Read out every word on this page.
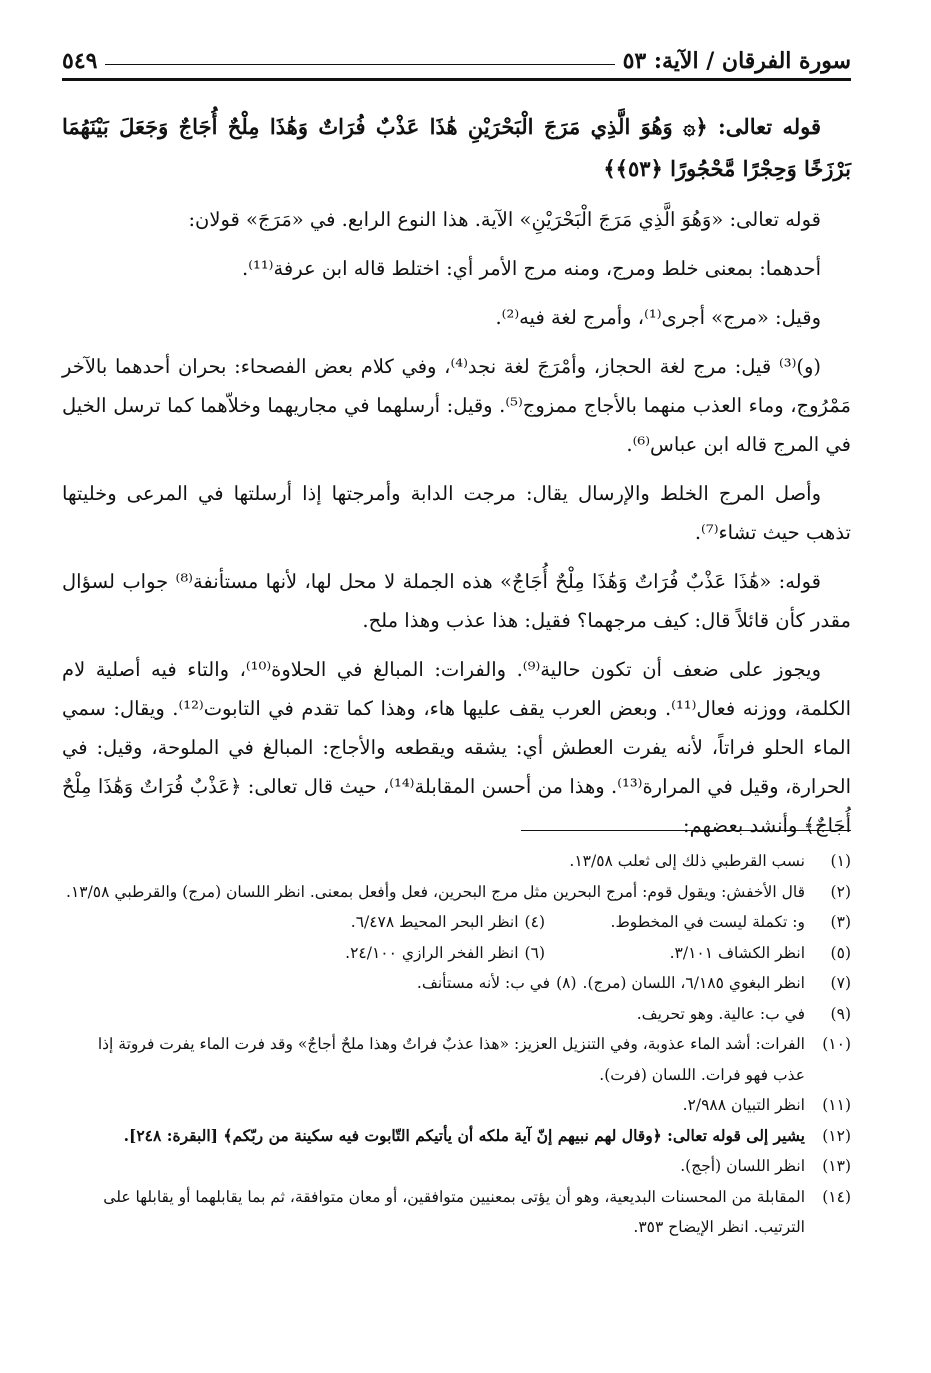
سورة الفرقان / الآية: ٥٣
٥٤٩

قوله تعالى: ﴿۞ وَهُوَ الَّذِي مَرَجَ الْبَحْرَيْنِ هَٰذَا عَذْبٌ فُرَاتٌ وَهَٰذَا مِلْحٌ أُجَاجٌ وَجَعَلَ بَيْنَهُمَا بَرْزَخًا وَحِجْرًا مَّحْجُورًا ﴿٥٣﴾﴾

قوله تعالى: «وَهُوَ الَّذِي مَرَجَ الْبَحْرَيْنِ» الآية. هذا النوع الرابع. في «مَرَجَ» قولان:

أحدهما: بمعنى خلط ومرج، ومنه مرج الأمر أي: اختلط قاله ابن عرفة⁽¹¹⁾.

وقيل: «مرج» أجرى⁽¹⁾، وأمرج لغة فيه⁽²⁾.

(و)⁽³⁾ قيل: مرج لغة الحجاز، وأمْرَجَ لغة نجد⁽⁴⁾، وفي كلام بعض الفصحاء: بحران أحدهما بالآخر مَمْرُوج، وماء العذب منهما بالأجاج ممزوج⁽⁵⁾. وقيل: أرسلهما في مجاريهما وخلاّهما كما ترسل الخيل في المرج قاله ابن عباس⁽⁶⁾.

وأصل المرج الخلط والإرسال يقال: مرجت الدابة وأمرجتها إذا أرسلتها في المرعى وخليتها تذهب حيث تشاء⁽⁷⁾.

قوله: «هَٰذَا عَذْبٌ فُرَاتٌ وَهَٰذَا مِلْحٌ أُجَاجٌ» هذه الجملة لا محل لها، لأنها مستأنفة⁽⁸⁾ جواب لسؤال مقدر كأن قائلاً قال: كيف مرجهما؟ فقيل: هذا عذب وهذا ملح.

ويجوز على ضعف أن تكون حالية⁽⁹⁾. والفرات: المبالغ في الحلاوة⁽¹⁰⁾، والتاء فيه أصلية لام الكلمة، ووزنه فعال⁽¹¹⁾. وبعض العرب يقف عليها هاء، وهذا كما تقدم في التابوت⁽¹²⁾. ويقال: سمي الماء الحلو فراتاً، لأنه يفرت العطش أي: يشقه ويقطعه والأجاج: المبالغ في الملوحة، وقيل: في الحرارة، وقيل في المرارة⁽¹³⁾. وهذا من أحسن المقابلة⁽¹⁴⁾، حيث قال تعالى: ﴿عَذْبٌ فُرَاتٌ وَهَٰذَا مِلْحٌ أُجَاجٌ﴾ وأنشد بعضهم:

(١)
نسب القرطبي ذلك إلى ثعلب ١٣/٥٨.

(٢)
قال الأخفش: ويقول قوم: أمرج البحرين مثل مرج البحرين، فعل وأفعل بمعنى. انظر اللسان (مرج) والقرطبي ١٣/٥٨.

(٣)
و: تكملة ليست في المخطوط.
(٤)
انظر البحر المحيط ٦/٤٧٨.
(٥)
انظر الكشاف ٣/١٠١.
(٦)
انظر الفخر الرازي ٢٤/١٠٠.
(٧)
انظر البغوي ٦/١٨٥، اللسان (مرج).
(٨)
في ب: لأنه مستأنف.

(٩)
في ب: عالية. وهو تحريف.

(١٠)
الفرات: أشد الماء عذوبة، وفي التنزيل العزيز: «هذا عذبٌ فراتٌ وهذا ملحٌ أجاجٌ» وقد فرت الماء يفرت فروتة إذا عذب فهو فرات. اللسان (فرت).

(١١)
انظر التبيان ٢/٩٨٨.

(١٢)
يشير إلى قوله تعالى: ﴿وقال لهم نبيهم إنّ آية ملكه أن يأتيكم التّابوت فيه سكينة من ربّكم﴾ [البقرة: ٢٤٨].

(١٣)
انظر اللسان (أجج).

(١٤)
المقابلة من المحسنات البديعية، وهو أن يؤتى بمعنيين متوافقين، أو معان متوافقة، ثم بما يقابلهما أو يقابلها على الترتيب. انظر الإيضاح ٣٥٣.
